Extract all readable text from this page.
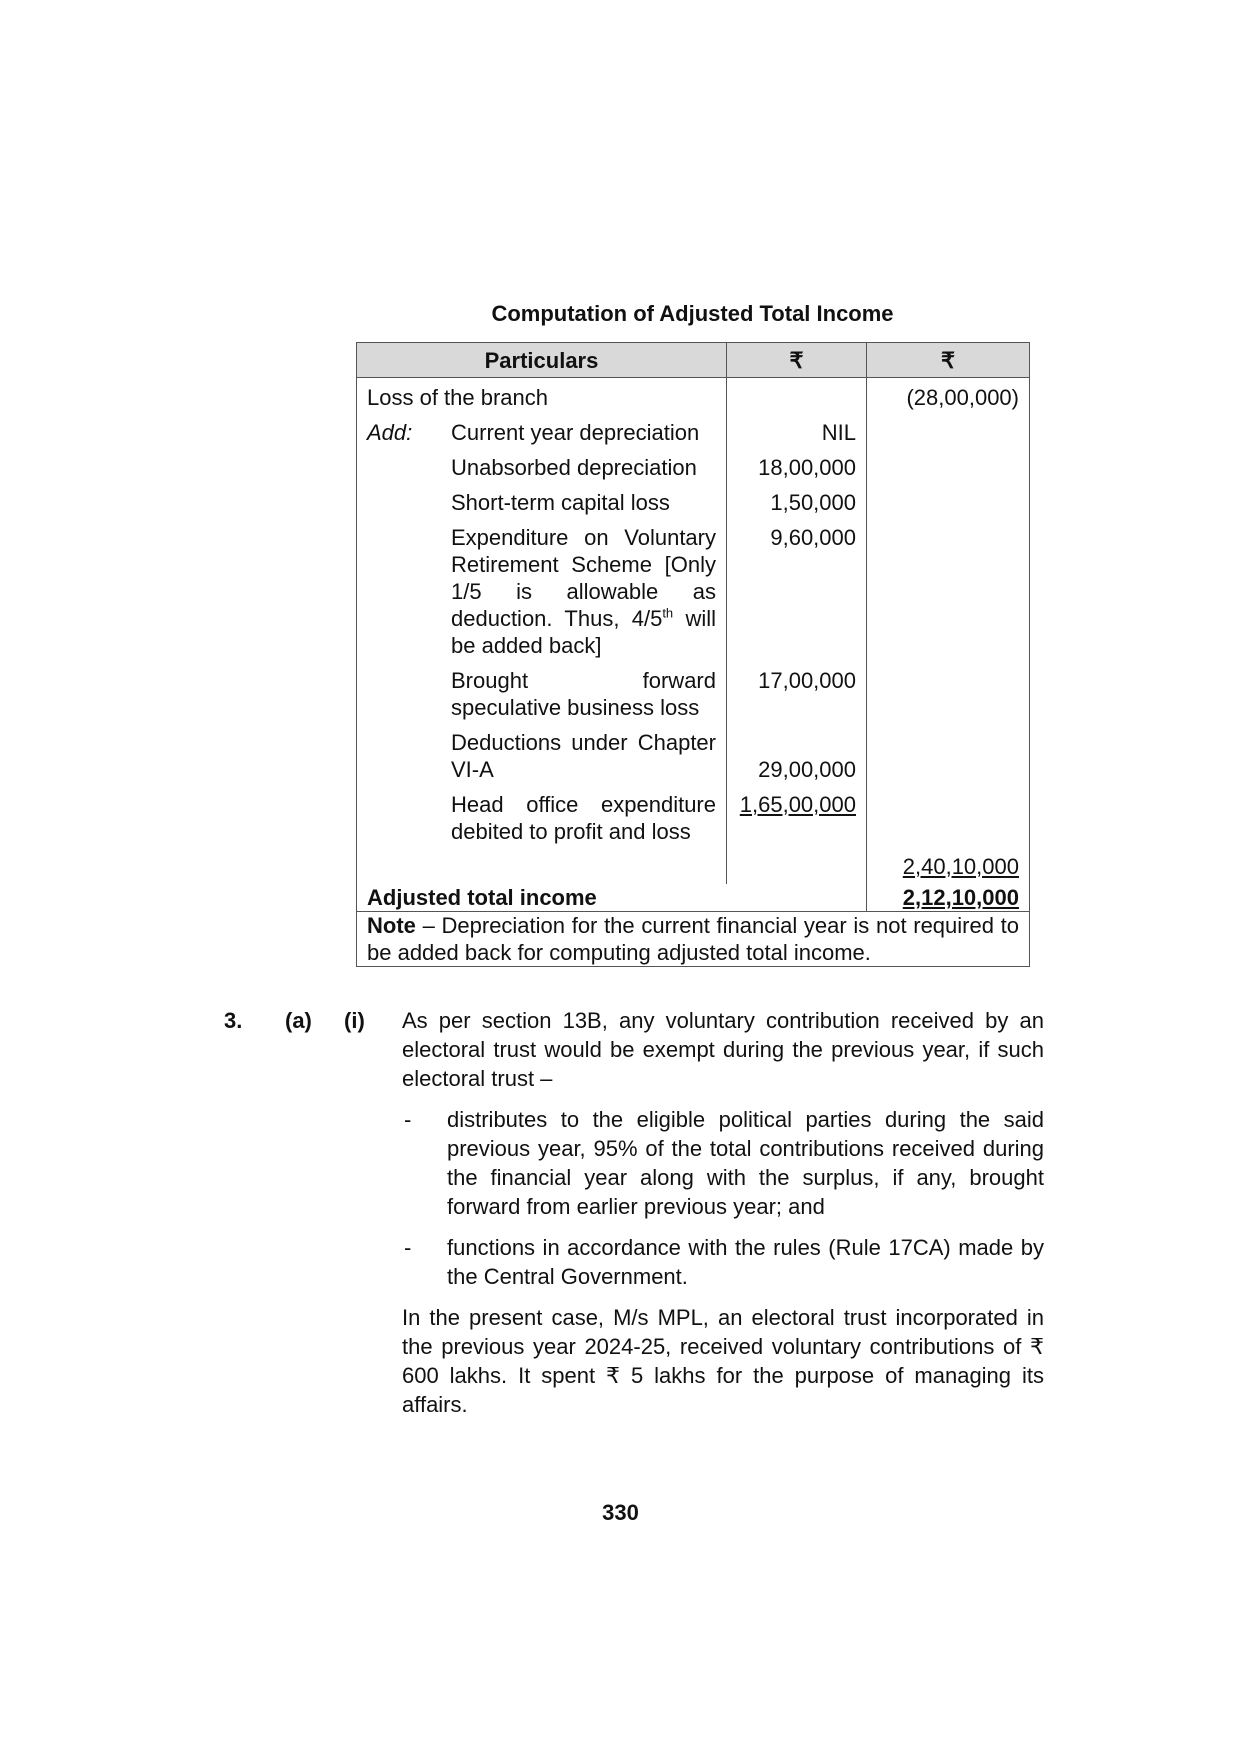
Computation of Adjusted Total Income
Particulars	₹	₹
Loss of the branch		(28,00,000)

Add: Current year depreciation	NIL	
Unabsorbed depreciation	18,00,000	
Short-term capital loss	1,50,000	
Expenditure on Voluntary Retirement Scheme [Only 1/5 is allowable as deduction. Thus, 4/5th will be added back]	9,60,000	
Brought forward speculative business loss	17,00,000	
Deductions under Chapter VI-A	29,00,000	
Head office expenditure debited to profit and loss	1,65,00,000	
		2,40,10,000
Adjusted total income		2,12,10,000
Note – Depreciation for the current financial year is not required to be added back for computing adjusted total income.		
3. (a) (i) As per section 13B, any voluntary contribution received by an electoral trust would be exempt during the previous year, if such electoral trust –

- distributes to the eligible political parties during the said previous year, 95% of the total contributions received during the financial year along with the surplus, if any, brought forward from earlier previous year; and
- functions in accordance with the rules (Rule 17CA) made by the Central Government.

In the present case, M/s MPL, an electoral trust incorporated in the previous year 2024-25, received voluntary contributions of ₹ 600 lakhs. It spent ₹ 5 lakhs for the purpose of managing its affairs.

330
